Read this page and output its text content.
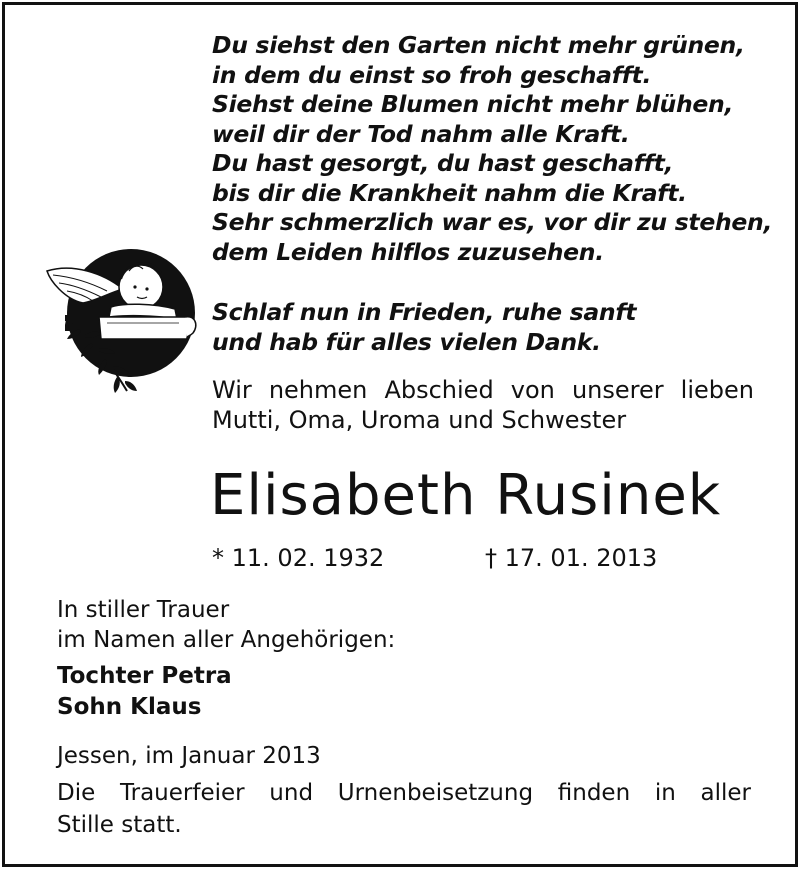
Du siehst den Garten nicht mehr grünen,
in dem du einst so froh geschafft.
Siehst deine Blumen nicht mehr blühen,
weil dir der Tod nahm alle Kraft.
Du hast gesorgt, du hast geschafft,
bis dir die Krankheit nahm die Kraft.
Sehr schmerzlich war es, vor dir zu stehen,
dem Leiden hilflos zuzusehen.
Schlaf nun in Frieden, ruhe sanft
und hab für alles vielen Dank.
Wir nehmen Abschied von unserer lieben
Mutti, Oma, Uroma und Schwester
Elisabeth Rusinek
* 11. 02. 1932	† 17. 01. 2013
In stiller Trauer
im Namen aller Angehörigen:
Tochter Petra
Sohn Klaus
Jessen, im Januar 2013
Die Trauerfeier und Urnenbeisetzung finden in aller
Stille statt.
